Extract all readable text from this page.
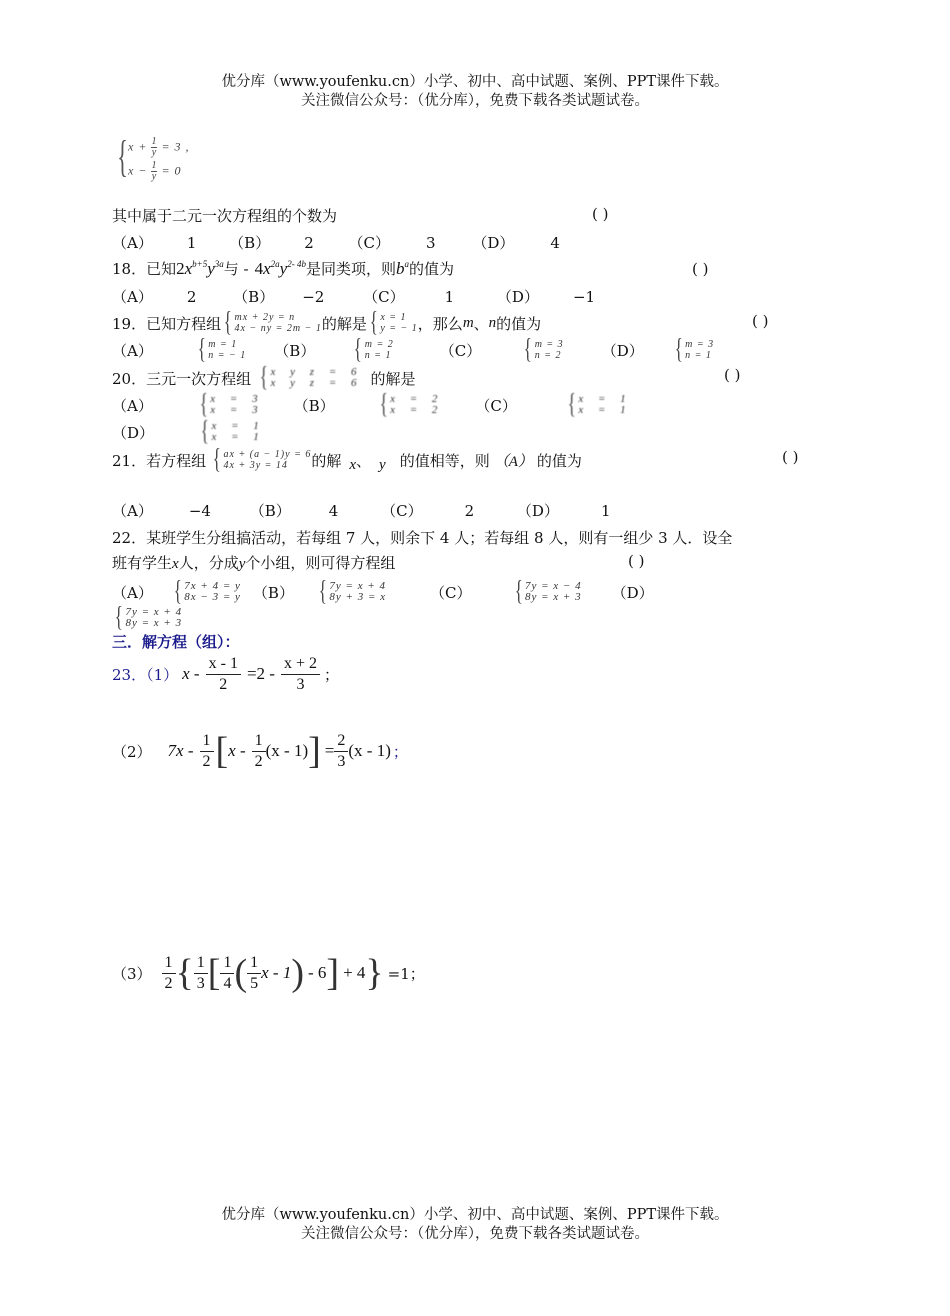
优分库（www.youfenku.cn）小学、初中、高中试题、案例、PPT课件下载。
关注微信公众号：（优分库），免费下载各类试题试卷。
{ $x + \frac{1}{y} = 3$ ,
$x - \frac{1}{y} = 0$
其中属于二元一次方程组的个数为	( )
（A） 1 （B） 2 （C） 3 （D） 4
18．已知$2x^{b+5}y^{3a}$与 - $4x^{2a}y^{2- 4b}$是同类项，则$b^a$的值为	( )
（A） 2 （B） −2	（C）	1	（D） −1
19．已知方程组 { mx + 2y = n
4x − ny = 2m − 1 的解是 { x = 1
y = − 1 ，那么 m 、 n 的值为	( )
（A） { m = 1
n = − 1 （B） { m = 2
n = 1	（C） { m = 3
n = 2	（D） { m = 3
n = 1
20．三元一次方程组 { x y z = 6
x y z = 6 的解是	( )
（A） { x = 3
x = 3 （B） { x = 2
x = 2 （C） { x = 1
x = 1
（D） { x = 1
x = 1
21．若方程组 { ax + (a − 1)y = 6
4x + 3y = 14	的解 x 、 y 的值相等，则 （A） 的值为	( )
（A） −4	（B）	4	（C）	2	（D）	1
22．某班学生分组搞活动，若每组 7 人，则余下 4 人；若每组 8 人，则有一组少 3 人．设全
班有学生x人，分成y个小组，则可得方程组	( )
（A） { 7x + 4 = y
8x − 3 = y （B） { 7y = x + 4
8y + 3 = x	（C） { 7y = x − 4
8y = x + 3 （D）
{ 7y = x + 4
8y = x + 3
三．解方程（组）：
23．（1） $x - \frac{x - 1}{2} =2 - \frac{x + 2}{3}$ ；
（2） $7x - \frac{1}{2}$ [ x - $\frac{1}{2} (x - 1)$ ] = $\frac{2}{3} (x - 1)$ ；
$(3) \frac{1}{2}$ { $\frac{1}{3}$ [ $\frac{1}{4}$ ( $\frac{1}{5}$ x - 1 ) - 6 ] + 4 } =1；
优分库（www.youfenku.cn）小学、初中、高中试题、案例、PPT课件下载。
关注微信公众号：（优分库），免费下载各类试题试卷。
